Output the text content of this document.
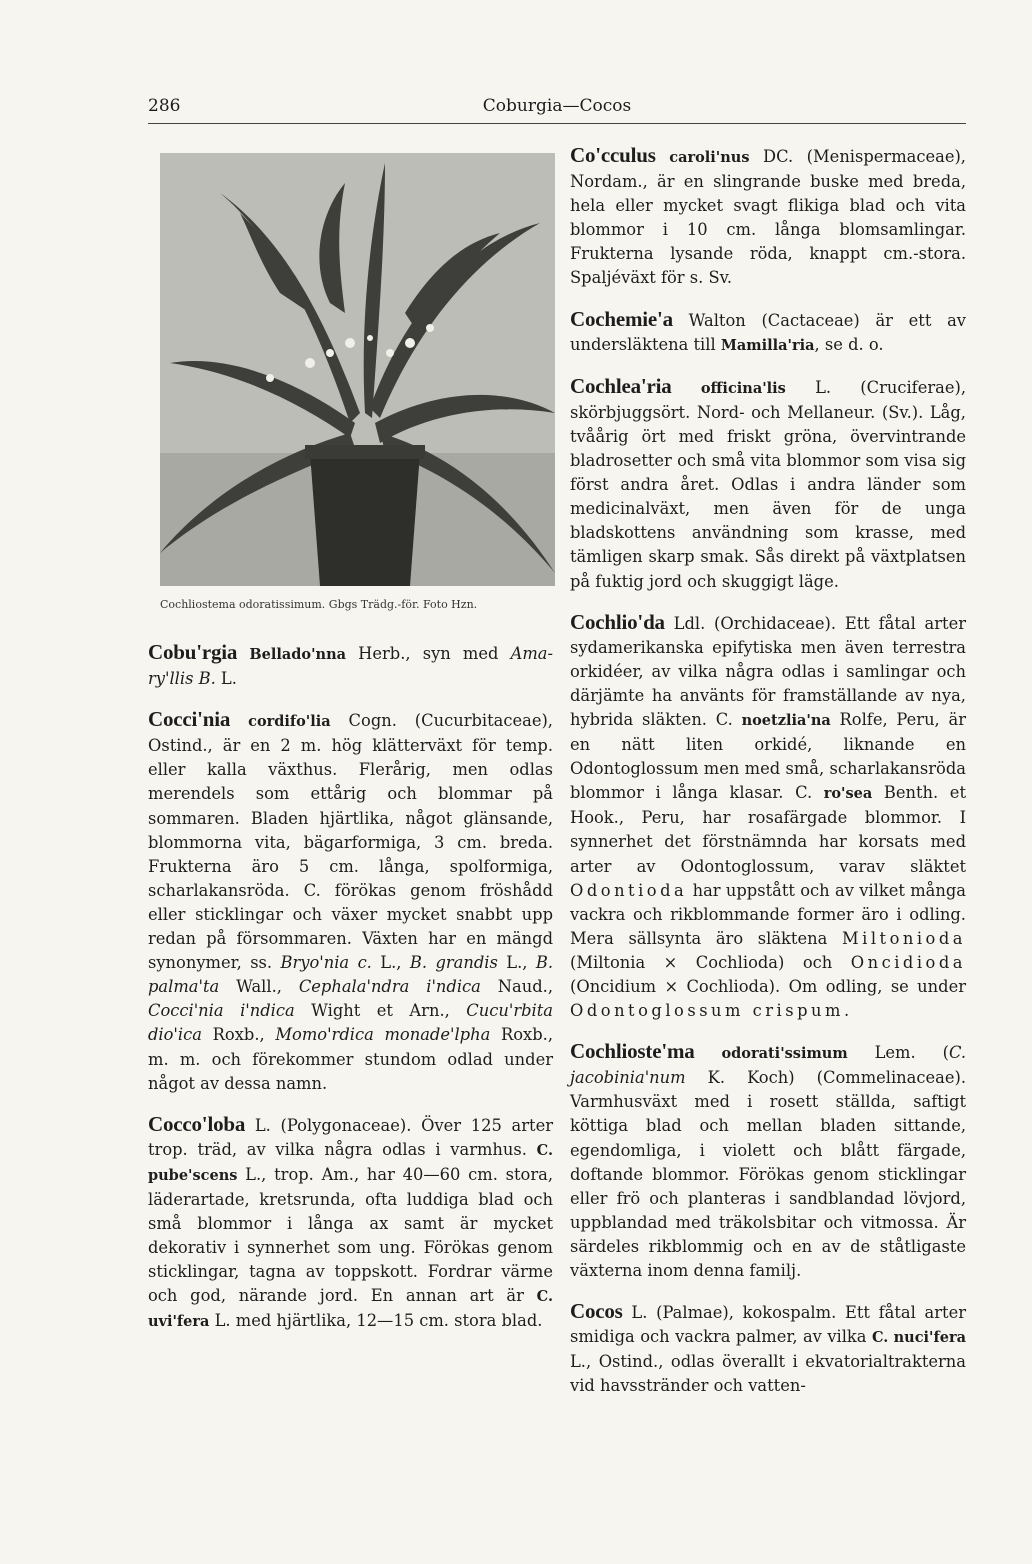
286	Coburgia—Cocos
Cochliostema odoratissimum. Gbgs Trädg.-för. Foto Hzn.
Cobu'rgia Bellado'nna Herb., syn med Ama-ry'llis B. L.
Cocci'nia cordifo'lia Cogn. (Cucurbitaceae), Ostind., är en 2 m. hög klätterväxt för temp. eller kalla växthus. Flerårig, men odlas merendels som ettårig och blommar på sommaren. Bladen hjärtlika, något glänsande, blommorna vita, bägarformiga, 3 cm. breda. Frukterna äro 5 cm. långa, spolformiga, scharlakansröda. C. förökas genom fröshådd eller sticklingar och växer mycket snabbt upp redan på försommaren. Växten har en mängd synonymer, ss. Bryo'nia c. L., B. grandis L., B. palma'ta Wall., Cephala'ndra i'ndica Naud., Cocci'nia i'ndica Wight et Arn., Cucu'rbita dio'ica Roxb., Momo'rdica monade'lpha Roxb., m. m. och förekommer stundom odlad under något av dessa namn.
Cocco'loba L. (Polygonaceae). Över 125 arter trop. träd, av vilka några odlas i varmhus. C. pube'scens L., trop. Am., har 40—60 cm. stora, läderartade, kretsrunda, ofta luddiga blad och små blommor i långa ax samt är mycket dekorativ i synnerhet som ung. Förökas genom sticklingar, tagna av toppskott. Fordrar värme och god, närande jord. En annan art är C. uvi'fera L. med hjärtlika, 12—15 cm. stora blad.
Co'cculus caroli'nus DC. (Menispermaceae), Nordam., är en slingrande buske med breda, hela eller mycket svagt flikiga blad och vita blommor i 10 cm. långa blomsamlingar. Frukterna lysande röda, knappt cm.-stora. Spaljéväxt för s. Sv.
Cochemie'a Walton (Cactaceae) är ett av undersläktena till Mamilla'ria, se d. o.
Cochlea'ria officina'lis L. (Cruciferae), skörbjuggsört. Nord- och Mellaneur. (Sv.). Låg, tvåårig ört med friskt gröna, övervintrande bladrosetter och små vita blommor som visa sig först andra året. Odlas i andra länder som medicinalväxt, men även för de unga bladskottens användning som krasse, med tämligen skarp smak. Sås direkt på växtplatsen på fuktig jord och skuggigt läge.
Cochlio'da Ldl. (Orchidaceae). Ett fåtal arter sydamerikanska epifytiska men även terrestra orkidéer, av vilka några odlas i samlingar och därjämte ha använts för framställande av nya, hybrida släkten. C. noetzlia'na Rolfe, Peru, är en nätt liten orkidé, liknande en Odontoglossum men med små, scharlakansröda blommor i långa klasar. C. ro'sea Benth. et Hook., Peru, har rosafärgade blommor. I synnerhet det förstnämnda har korsats med arter av Odontoglossum, varav släktet Odontioda har uppstått och av vilket många vackra och rikblommande former äro i odling. Mera sällsynta äro släktena Miltonioda (Miltonia × Cochlioda) och Oncidioda (Oncidium × Cochlioda). Om odling, se under Odontoglossum crispum.
Cochlioste'ma odorati'ssimum Lem. (C. jacobinia'num K. Koch) (Commelinaceae). Varmhusväxt med i rosett ställda, saftigt köttiga blad och mellan bladen sittande, egendomliga, i violett och blått färgade, doftande blommor. Förökas genom sticklingar eller frö och planteras i sandblandad lövjord, uppblandad med träkolsbitar och vitmossa. Är särdeles rikblommig och en av de ståtligaste växterna inom denna familj.
Cocos L. (Palmae), kokospalm. Ett fåtal arter smidiga och vackra palmer, av vilka C. nuci'fera L., Ostind., odlas överallt i ekvatorialtrakterna vid havsstränder och vatten-
